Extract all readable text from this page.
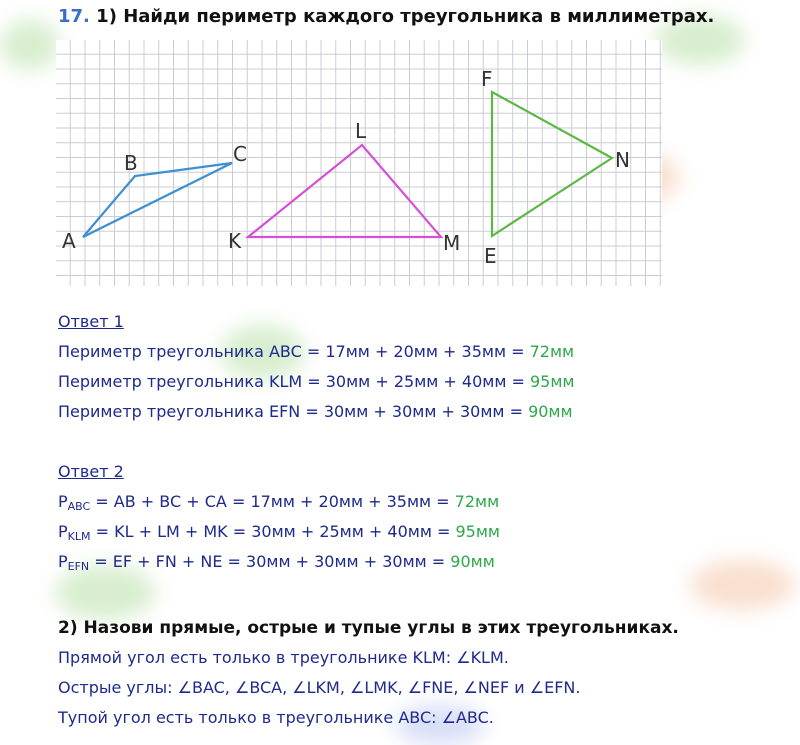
17. 1) Найди периметр каждого треугольника в миллиметрах.
A
B	C
K
L
M
F
N
E
Ответ 1
Периметр треугольника ABC = 17мм + 20мм + 35мм = 72мм
Периметр треугольника KLM = 30мм + 25мм + 40мм = 95мм
Периметр треугольника EFN = 30мм + 30мм + 30мм = 90мм
Ответ 2
PABC = AB + BC + CA = 17мм + 20мм + 35мм = 72мм
PKLM = KL + LM + MK = 30мм + 25мм + 40мм = 95мм
PEFN = EF + FN + NE = 30мм + 30мм + 30мм = 90мм
2) Назови прямые, острые и тупые углы в этих треугольниках.
Прямой угол есть только в треугольнике KLM: ∠KLM.
Острые углы: ∠BAC, ∠BCA, ∠LKM, ∠LMK, ∠FNE, ∠NEF и ∠EFN.
Тупой угол есть только в треугольнике ABC: ∠ABC.
